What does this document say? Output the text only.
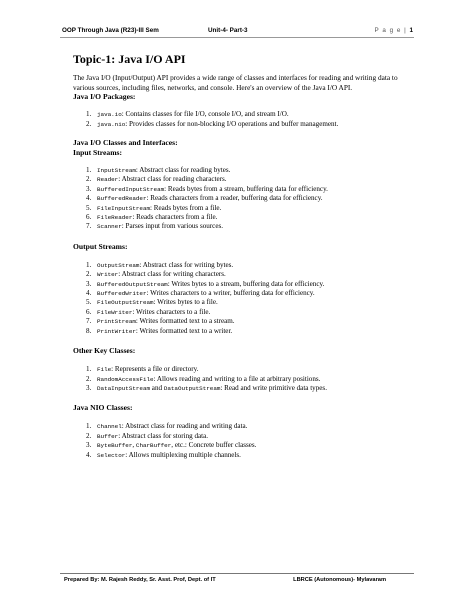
OOP Through Java (R23)-III Sem	Unit-4- Part-3	P a g e | 1
Topic-1: Java I/O API
The Java I/O (Input/Output) API provides a wide range of classes and interfaces for reading and writing data to various sources, including files, networks, and console. Here's an overview of the Java I/O API.
Java I/O Packages:
1. java.io: Contains classes for file I/O, console I/O, and stream I/O.
2. java.nio: Provides classes for non-blocking I/O operations and buffer management.
Java I/O Classes and Interfaces:
Input Streams:
1. InputStream: Abstract class for reading bytes.
2. Reader: Abstract class for reading characters.
3. BufferedInputStream: Reads bytes from a stream, buffering data for efficiency.
4. BufferedReader: Reads characters from a reader, buffering data for efficiency.
5. FileInputStream: Reads bytes from a file.
6. FileReader: Reads characters from a file.
7. Scanner: Parses input from various sources.
Output Streams:
1. OutputStream: Abstract class for writing bytes.
2. Writer: Abstract class for writing characters.
3. BufferedOutputStream: Writes bytes to a stream, buffering data for efficiency.
4. BufferedWriter: Writes characters to a writer, buffering data for efficiency.
5. FileOutputStream: Writes bytes to a file.
6. FileWriter: Writes characters to a file.
7. PrintStream: Writes formatted text to a stream.
8. PrintWriter: Writes formatted text to a writer.
Other Key Classes:
1. File: Represents a file or directory.
2. RandomAccessFile: Allows reading and writing to a file at arbitrary positions.
3. DataInputStream and DataOutputStream: Read and write primitive data types.
Java NIO Classes:
1. Channel: Abstract class for reading and writing data.
2. Buffer: Abstract class for storing data.
3. ByteBuffer, CharBuffer, etc.: Concrete buffer classes.
4. Selector: Allows multiplexing multiple channels.
Prepared By: M. Rajesh Reddy, Sr. Asst. Prof, Dept. of IT	LBRCE (Autonomous)- Mylavaram
